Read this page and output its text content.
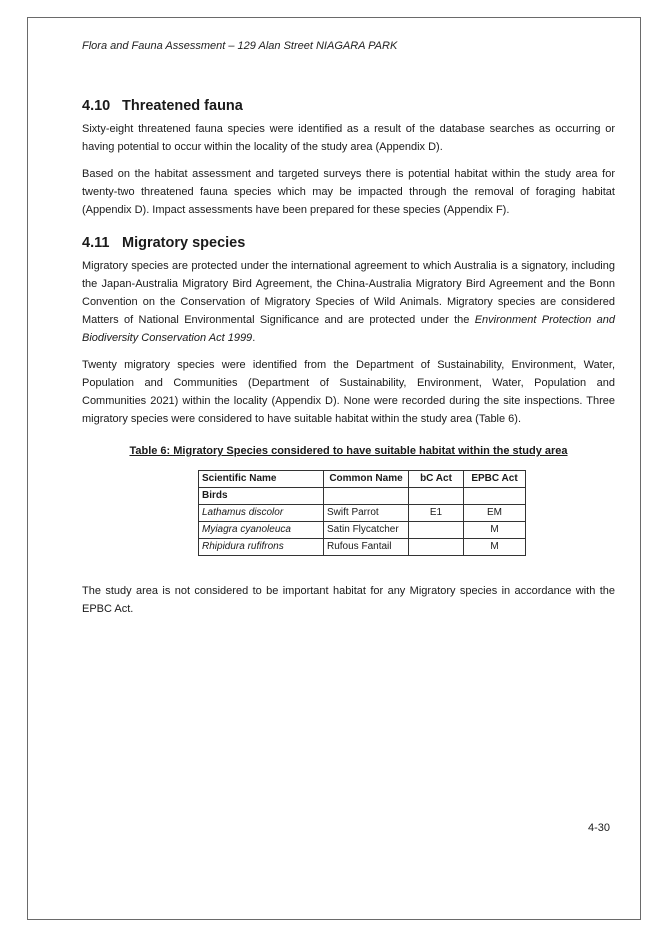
Flora and Fauna Assessment – 129 Alan Street NIAGARA PARK
4.10 Threatened fauna

Sixty-eight threatened fauna species were identified as a result of the database searches as occurring or having potential to occur within the locality of the study area (Appendix D).

Based on the habitat assessment and targeted surveys there is potential habitat within the study area for twenty-two threatened fauna species which may be impacted through the removal of foraging habitat (Appendix D). Impact assessments have been prepared for these species (Appendix F).

4.11 Migratory species

Migratory species are protected under the international agreement to which Australia is a signatory, including the Japan-Australia Migratory Bird Agreement, the China-Australia Migratory Bird Agreement and the Bonn Convention on the Conservation of Migratory Species of Wild Animals. Migratory species are considered Matters of National Environmental Significance and are protected under the Environment Protection and Biodiversity Conservation Act 1999.

Twenty migratory species were identified from the Department of Sustainability, Environment, Water, Population and Communities (Department of Sustainability, Environment, Water, Population and Communities 2021) within the locality (Appendix D). None were recorded during the site inspections. Three migratory species were considered to have suitable habitat within the study area (Table 6).

Table 6: Migratory Species considered to have suitable habitat within the study area
Scientific Name	Common Name	bC Act	EPBC Act
Birds			
Lathamus discolor	Swift Parrot	E1	EM
Myiagra cyanoleuca	Satin Flycatcher		M
Rhipidura rufifrons	Rufous Fantail		M

The study area is not considered to be important habitat for any Migratory species in accordance with the EPBC Act.

4-30
